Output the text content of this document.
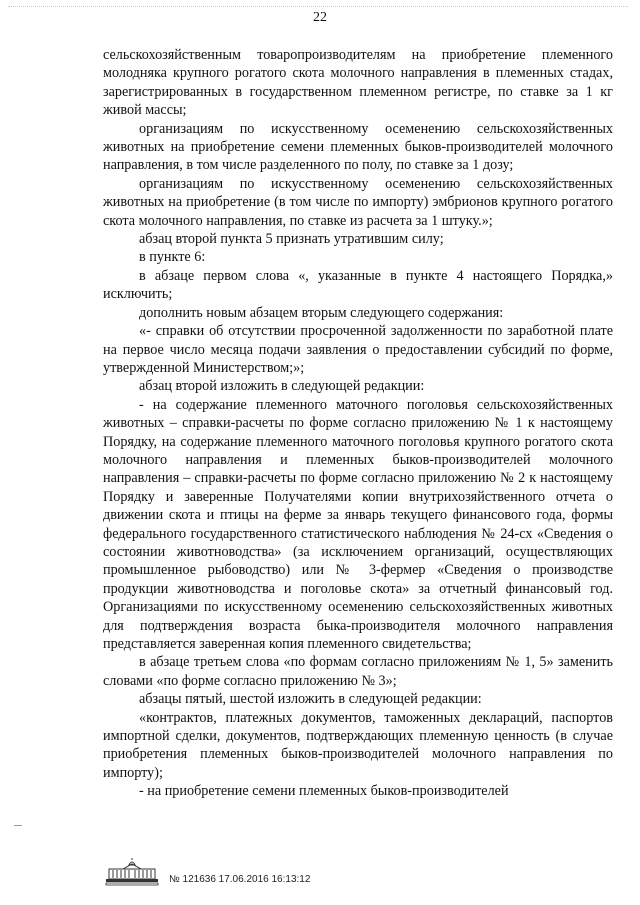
22

сельскохозяйственным товаропроизводителям на приобретение племенного молодняка крупного рогатого скота молочного направления в племенных стадах, зарегистрированных в государственном племенном регистре, по ставке за 1 кг живой массы;

организациям по искусственному осеменению сельскохозяйственных животных на приобретение семени племенных быков-производителей молочного направления, в том числе разделенного по полу, по ставке за 1 дозу;

организациям по искусственному осеменению сельскохозяйственных животных на приобретение (в том числе по импорту) эмбрионов крупного рогатого скота молочного направления, по ставке из расчета за 1 штуку.»;

абзац второй пункта 5 признать утратившим силу;

в пункте 6:

в абзаце первом слова «, указанные в пункте 4 настоящего Порядка,» исключить;

дополнить новым абзацем вторым следующего содержания:

«- справки об отсутствии просроченной задолженности по заработной плате на первое число месяца подачи заявления о предоставлении субсидий по форме, утвержденной Министерством;»;

абзац второй изложить в следующей редакции:

- на содержание племенного маточного поголовья сельскохозяйственных животных – справки-расчеты по форме согласно приложению № 1 к настоящему Порядку, на содержание племенного маточного поголовья крупного рогатого скота молочного направления и племенных быков-производителей молочного направления – справки-расчеты по форме согласно приложению № 2 к настоящему Порядку и заверенные Получателями копии внутрихозяйственного отчета о движении скота и птицы на ферме за январь текущего финансового года, формы федерального государственного статистического наблюдения № 24-сх «Сведения о состоянии животноводства» (за исключением организаций, осуществляющих промышленное рыбоводство) или № 3-фермер «Сведения о производстве продукции животноводства и поголовье скота» за отчетный финансовый год. Организациями по искусственному осеменению сельскохозяйственных животных для подтверждения возраста быка-производителя молочного направления представляется заверенная копия племенного свидетельства;

в абзаце третьем слова «по формам согласно приложениям № 1, 5» заменить словами «по форме согласно приложению № 3»;

абзацы пятый, шестой изложить в следующей редакции:

«контрактов, платежных документов, таможенных деклараций, паспортов импортной сделки, документов, подтверждающих племенную ценность (в случае приобретения племенных быков-производителей молочного направления по импорту);

- на приобретение семени племенных быков-производителей

№ 121636 17.06.2016 16:13:12
